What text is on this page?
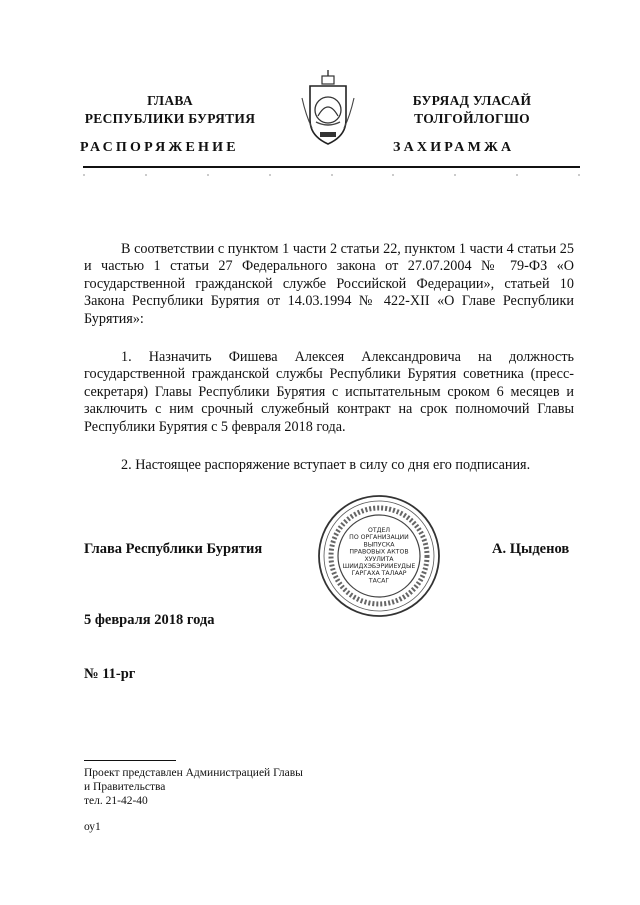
ГЛАВА
РЕСПУБЛИКИ БУРЯТИЯ
РАСПОРЯЖЕНИЕ
БУРЯАД УЛАСАЙ
ТОЛГОЙЛОГШО
ЗАХИРАМЖА
В соответствии с пунктом 1 части 2 статьи 22, пунктом 1 части 4 статьи 25 и частью 1 статьи 27 Федерального закона от 27.07.2004 № 79-ФЗ «О государственной гражданской службе Российской Федерации», статьей 10 Закона Республики Бурятия от 14.03.1994 № 422-XII «О Главе Республики Бурятия»:
1. Назначить Фишева Алексея Александровича на должность государственной гражданской службы Республики Бурятия советника (пресс-секретаря) Главы Республики Бурятия с испытательным сроком 6 месяцев и заключить с ним срочный служебный контракт на срок полномочий Главы Республики Бурятия с 5 февраля 2018 года.
2. Настоящее распоряжение вступает в силу со дня его подписания.
Глава Республики Бурятия	А. Цыденов
ОТДЕЛ
ПО ОРГАНИЗАЦИИ
ВЫПУСКА
ПРАВОВЫХ АКТОВ
ХУУЛИТА
ШИИДХЭБЭРИИЕУДЫЕ
ГАРГАХА ТАЛААР
ТАСАГ
5 февраля 2018 года
№ 11-рг
Проект представлен Администрацией Главы
и Правительства
тел. 21-42-40
оу1
